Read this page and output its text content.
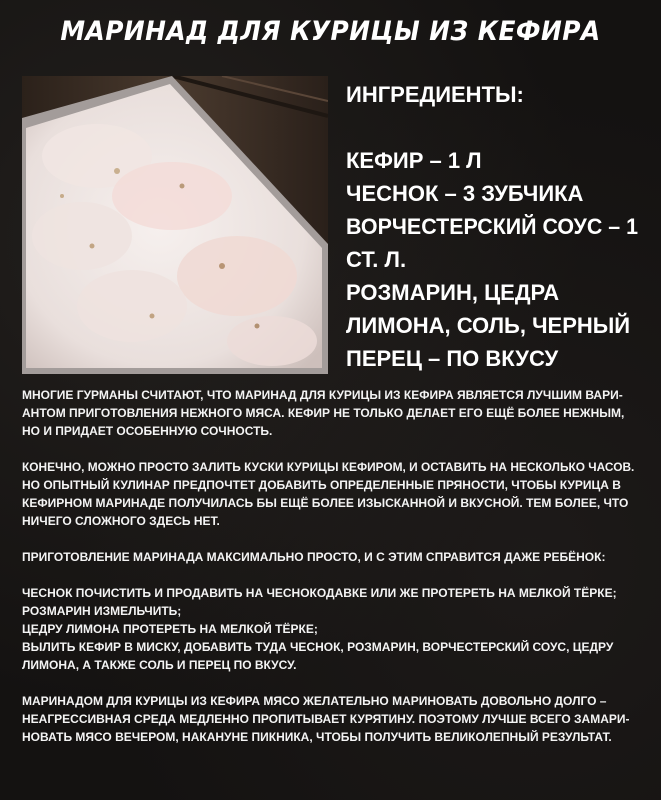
МАРИНАД ДЛЯ КУРИЦЫ ИЗ КЕФИРА
ИНГРЕДИЕНТЫ:
КЕФИР – 1 Л
ЧЕСНОК – 3 ЗУБЧИКА
ВОРЧЕСТЕРСКИЙ СОУС – 1
СТ. Л.
РОЗМАРИН, ЦЕДРА
ЛИМОНА, СОЛЬ, ЧЕРНЫЙ
ПЕРЕЦ – ПО ВКУСУ

МНОГИЕ ГУРМАНЫ СЧИТАЮТ, ЧТО МАРИНАД ДЛЯ КУРИЦЫ ИЗ КЕФИРА ЯВЛЯЕТСЯ ЛУЧШИМ ВАРИ-
АНТОМ ПРИГОТОВЛЕНИЯ НЕЖНОГО МЯСА. КЕФИР НЕ ТОЛЬКО ДЕЛАЕТ ЕГО ЕЩЁ БОЛЕЕ НЕЖНЫМ,
НО И ПРИДАЕТ ОСОБЕННУЮ СОЧНОСТЬ.

КОНЕЧНО, МОЖНО ПРОСТО ЗАЛИТЬ КУСКИ КУРИЦЫ КЕФИРОМ, И ОСТАВИТЬ НА НЕСКОЛЬКО ЧАСОВ.
НО ОПЫТНЫЙ КУЛИНАР ПРЕДПОЧТЕТ ДОБАВИТЬ ОПРЕДЕЛЕННЫЕ ПРЯНОСТИ, ЧТОБЫ КУРИЦА В
КЕФИРНОМ МАРИНАДЕ ПОЛУЧИЛАСЬ БЫ ЕЩЁ БОЛЕЕ ИЗЫСКАННОЙ И ВКУСНОЙ. ТЕМ БОЛЕЕ, ЧТО
НИЧЕГО СЛОЖНОГО ЗДЕСЬ НЕТ.

ПРИГОТОВЛЕНИЕ МАРИНАДА МАКСИМАЛЬНО ПРОСТО, И С ЭТИМ СПРАВИТСЯ ДАЖЕ РЕБЁНОК:

ЧЕСНОК ПОЧИСТИТЬ И ПРОДАВИТЬ НА ЧЕСНОКОДАВКЕ ИЛИ ЖЕ ПРОТЕРЕТЬ НА МЕЛКОЙ ТЁРКЕ;
РОЗМАРИН ИЗМЕЛЬЧИТЬ;
ЦЕДРУ ЛИМОНА ПРОТЕРЕТЬ НА МЕЛКОЙ ТЁРКЕ;
ВЫЛИТЬ КЕФИР В МИСКУ, ДОБАВИТЬ ТУДА ЧЕСНОК, РОЗМАРИН, ВОРЧЕСТЕРСКИЙ СОУС, ЦЕДРУ
ЛИМОНА, А ТАКЖЕ СОЛЬ И ПЕРЕЦ ПО ВКУСУ.

МАРИНАДОМ ДЛЯ КУРИЦЫ ИЗ КЕФИРА МЯСО ЖЕЛАТЕЛЬНО МАРИНОВАТЬ ДОВОЛЬНО ДОЛГО –
НЕАГРЕССИВНАЯ СРЕДА МЕДЛЕННО ПРОПИТЫВАЕТ КУРЯТИНУ. ПОЭТОМУ ЛУЧШЕ ВСЕГО ЗАМАРИ-
НОВАТЬ МЯСО ВЕЧЕРОМ, НАКАНУНЕ ПИКНИКА, ЧТОБЫ ПОЛУЧИТЬ ВЕЛИКОЛЕПНЫЙ РЕЗУЛЬТАТ.
